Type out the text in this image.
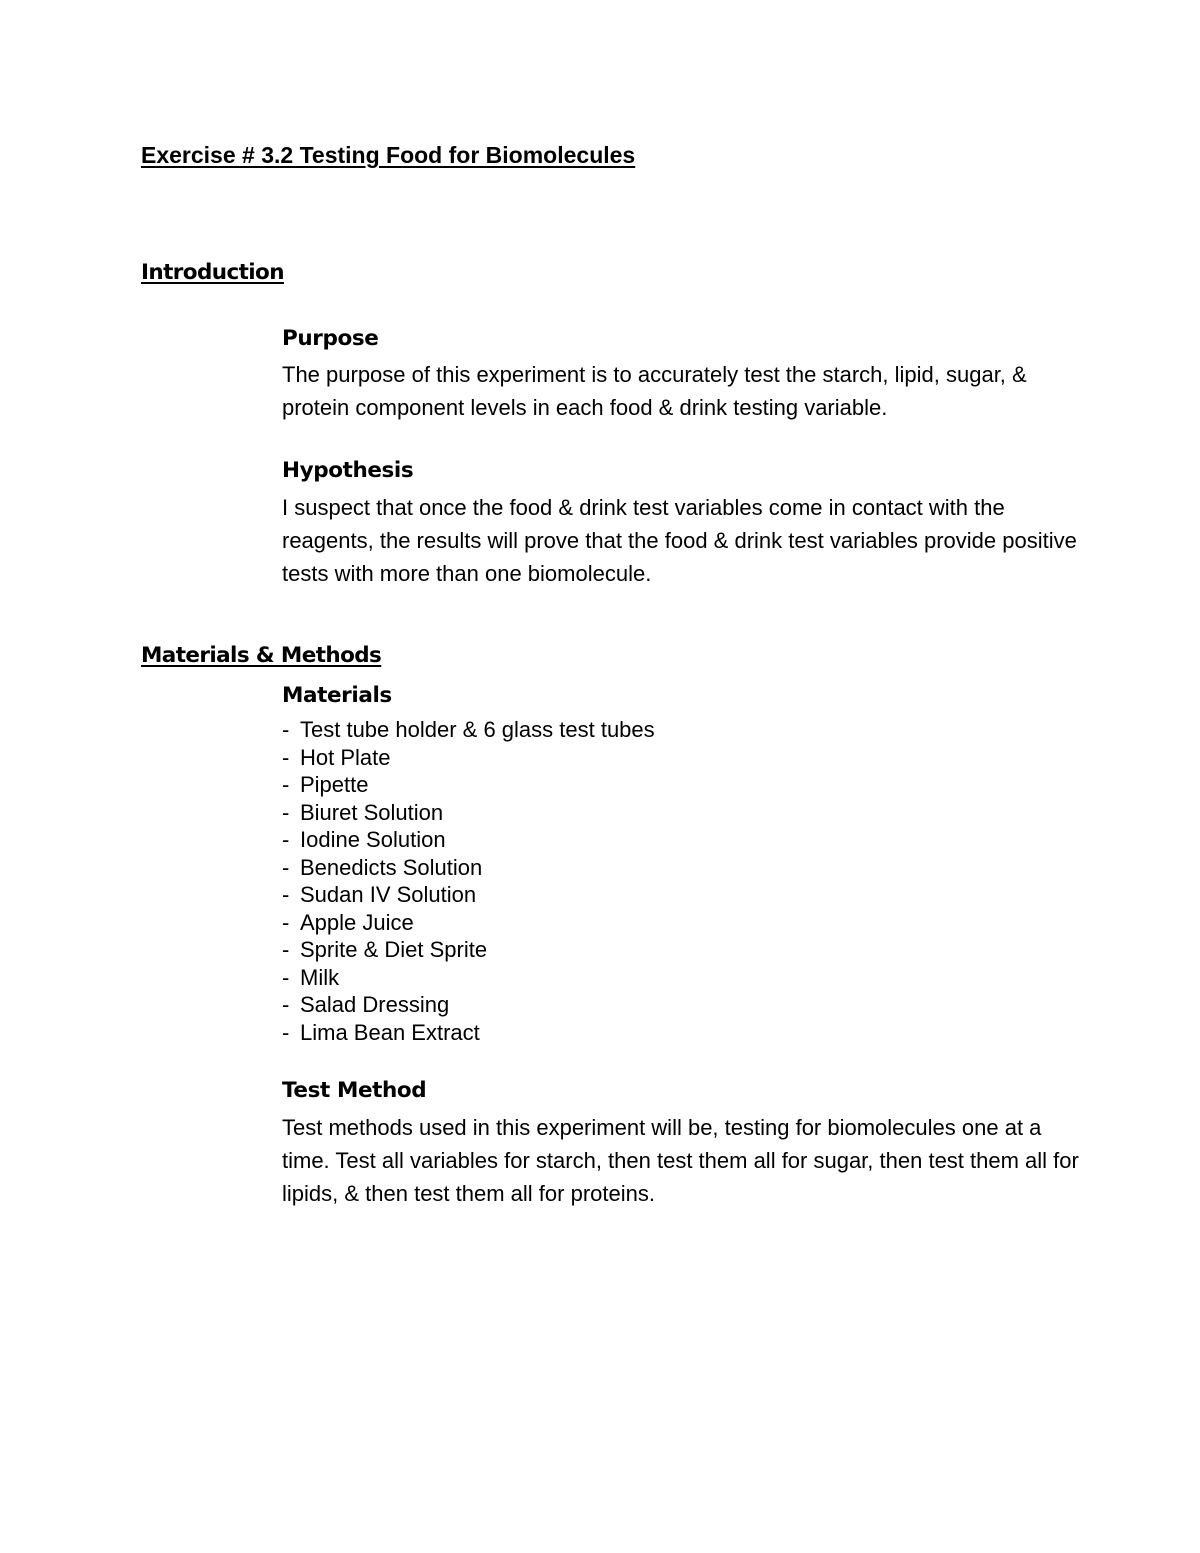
Exercise # 3.2 Testing Food for Biomolecules
Introduction
Purpose

The purpose of this experiment is to accurately test the starch, lipid, sugar, & protein component levels in each food & drink testing variable.

Hypothesis

I suspect that once the food & drink test variables come in contact with the reagents, the results will prove that the food & drink test variables provide positive tests with more than one biomolecule.

Materials & Methods
Materials
- Test tube holder & 6 glass test tubes
- Hot Plate
- Pipette
- Biuret Solution
- Iodine Solution
- Benedicts Solution
- Sudan IV Solution
- Apple Juice
- Sprite & Diet Sprite
- Milk
- Salad Dressing
- Lima Bean Extract
Test Method

Test methods used in this experiment will be, testing for biomolecules one at a time. Test all variables for starch, then test them all for sugar, then test them all for lipids, & then test them all for proteins.
